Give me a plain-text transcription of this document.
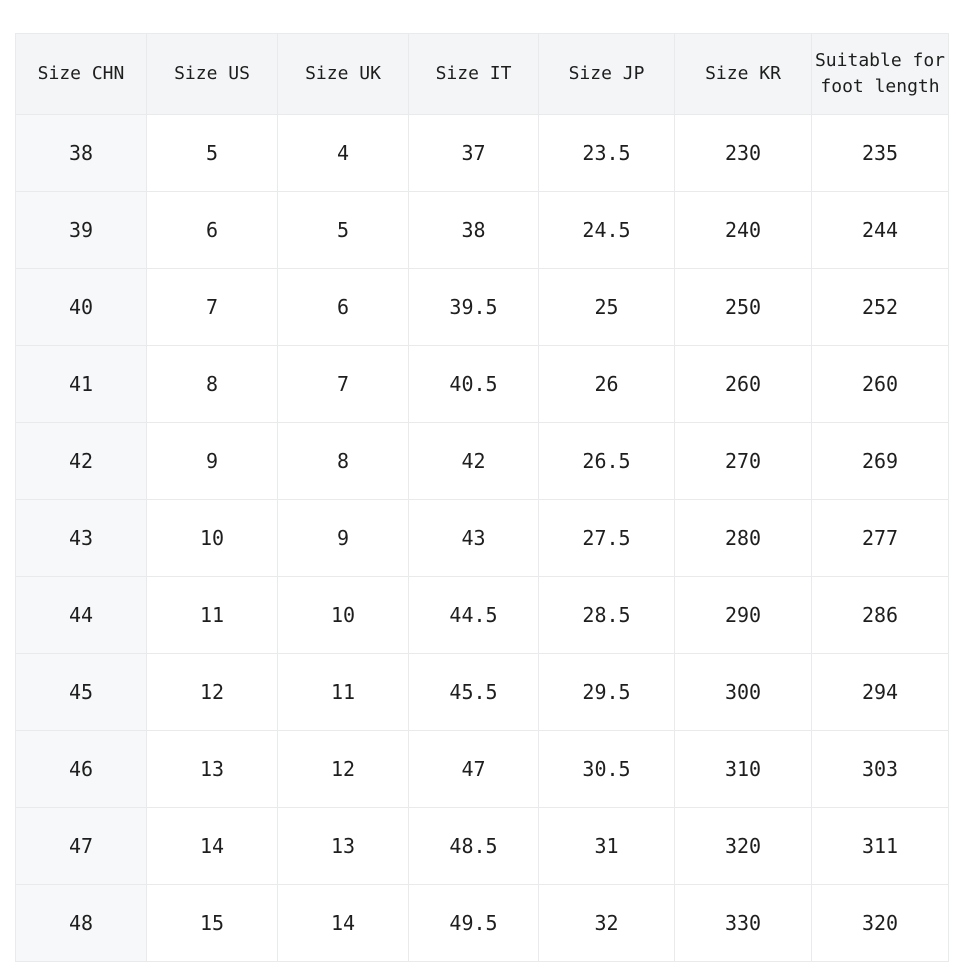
Size CHN	Size US	Size UK	Size IT	Size JP	Size KR	Suitable for foot length
38	5	4	37	23.5	230	235
39	6	5	38	24.5	240	244
40	7	6	39.5	25	250	252
41	8	7	40.5	26	260	260
42	9	8	42	26.5	270	269
43	10	9	43	27.5	280	277
44	11	10	44.5	28.5	290	286
45	12	11	45.5	29.5	300	294
46	13	12	47	30.5	310	303
47	14	13	48.5	31	320	311
48	15	14	49.5	32	330	320
